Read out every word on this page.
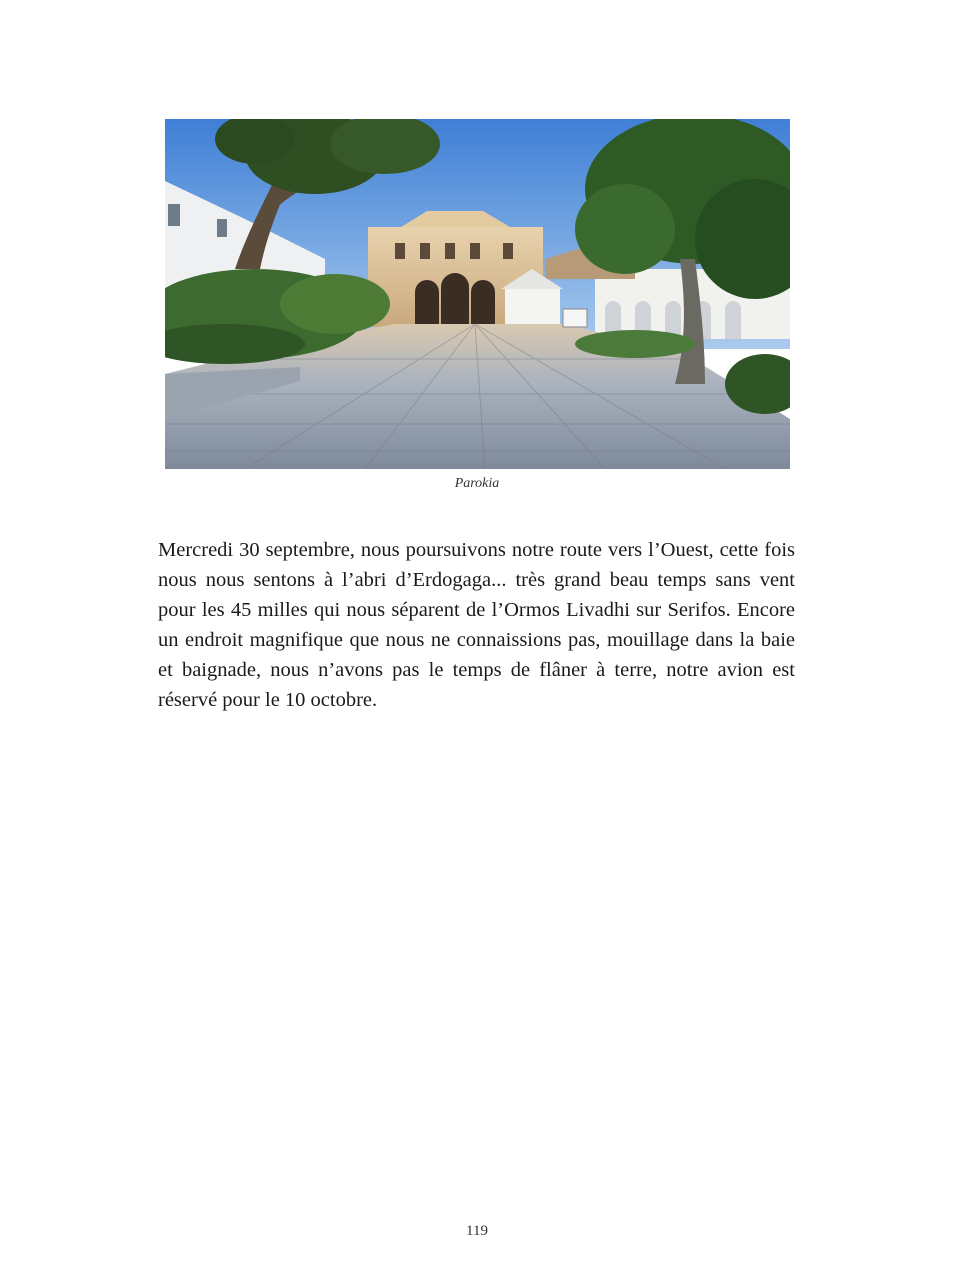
Parokia

Mercredi 30 septembre, nous poursuivons notre route vers l’Ouest, cette fois nous nous sentons à l’abri d’Erdogaga... très grand beau temps sans vent pour les 45 milles qui nous séparent de l’Ormos Livadhi sur Serifos. Encore un endroit magnifique que nous ne connaissions pas, mouillage dans la baie et baignade, nous n’avons pas le temps de flâner à terre, notre avion est réservé pour le 10 octobre.

119
